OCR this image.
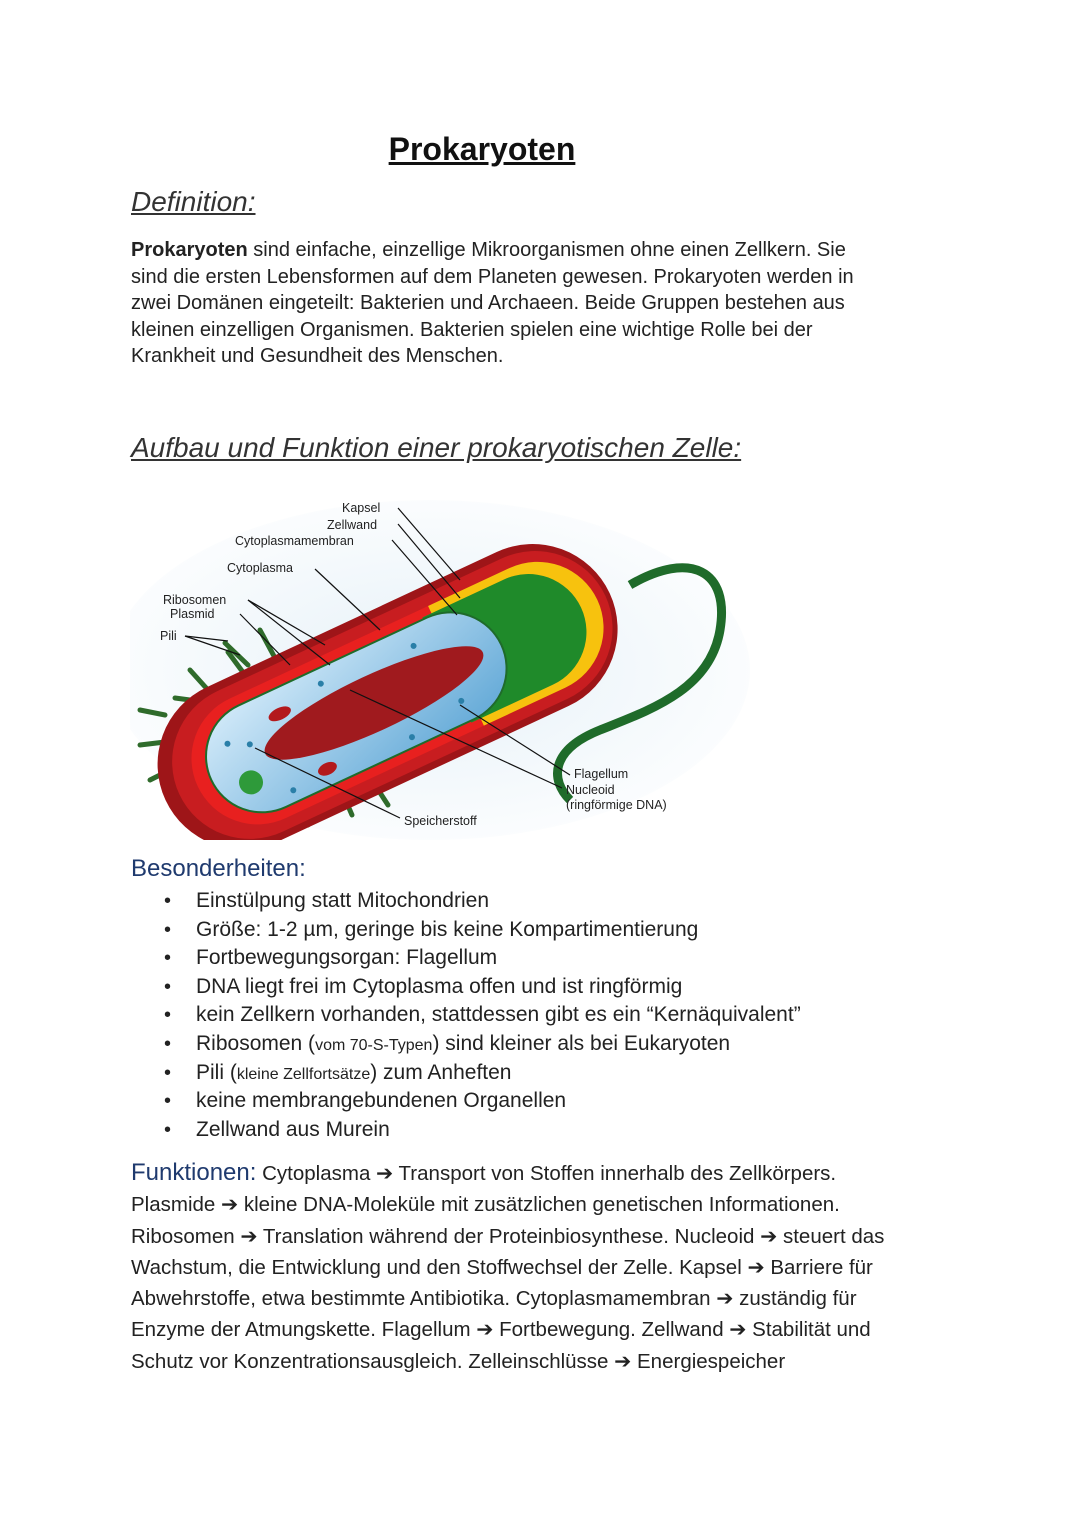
Prokaryoten
Definition:
Prokaryoten sind einfache, einzellige Mikroorganismen ohne einen Zellkern. Sie
sind die ersten Lebensformen auf dem Planeten gewesen. Prokaryoten werden in
zwei Domänen eingeteilt: Bakterien und Archaeen. Beide Gruppen bestehen aus
kleinen einzelligen Organismen. Bakterien spielen eine wichtige Rolle bei der
Krankheit und Gesundheit des Menschen.
Aufbau und Funktion einer prokaryotischen Zelle:
Kapsel
Zellwand
Cytoplasmamembran
Cytoplasma
Ribosomen
Plasmid
Pili
Flagellum
Nucleoid
(ringförmige DNA)
Speicherstoff
Besonderheiten:
• Einstülpung statt Mitochondrien
• Größe: 1-2 µm, geringe bis keine Kompartimentierung
• Fortbewegungsorgan: Flagellum
• DNA liegt frei im Cytoplasma offen und ist ringförmig
• kein Zellkern vorhanden, stattdessen gibt es ein “Kernäquivalent”
• Ribosomen (vom 70-S-Typen) sind kleiner als bei Eukaryoten
• Pili (kleine Zellfortsätze) zum Anheften
• keine membrangebundenen Organellen
• Zellwand aus Murein
Funktionen: Cytoplasma ➔ Transport von Stoffen innerhalb des Zellkörpers.
Plasmide ➔ kleine DNA-Moleküle mit zusätzlichen genetischen Informationen.
Ribosomen ➔ Translation während der Proteinbiosynthese. Nucleoid ➔ steuert das
Wachstum, die Entwicklung und den Stoffwechsel der Zelle. Kapsel ➔ Barriere für
Abwehrstoffe, etwa bestimmte Antibiotika. Cytoplasmamembran ➔ zuständig für
Enzyme der Atmungskette. Flagellum ➔ Fortbewegung. Zellwand ➔ Stabilität und
Schutz vor Konzentrationsausgleich. Zelleinschlüsse ➔ Energiespeicher
